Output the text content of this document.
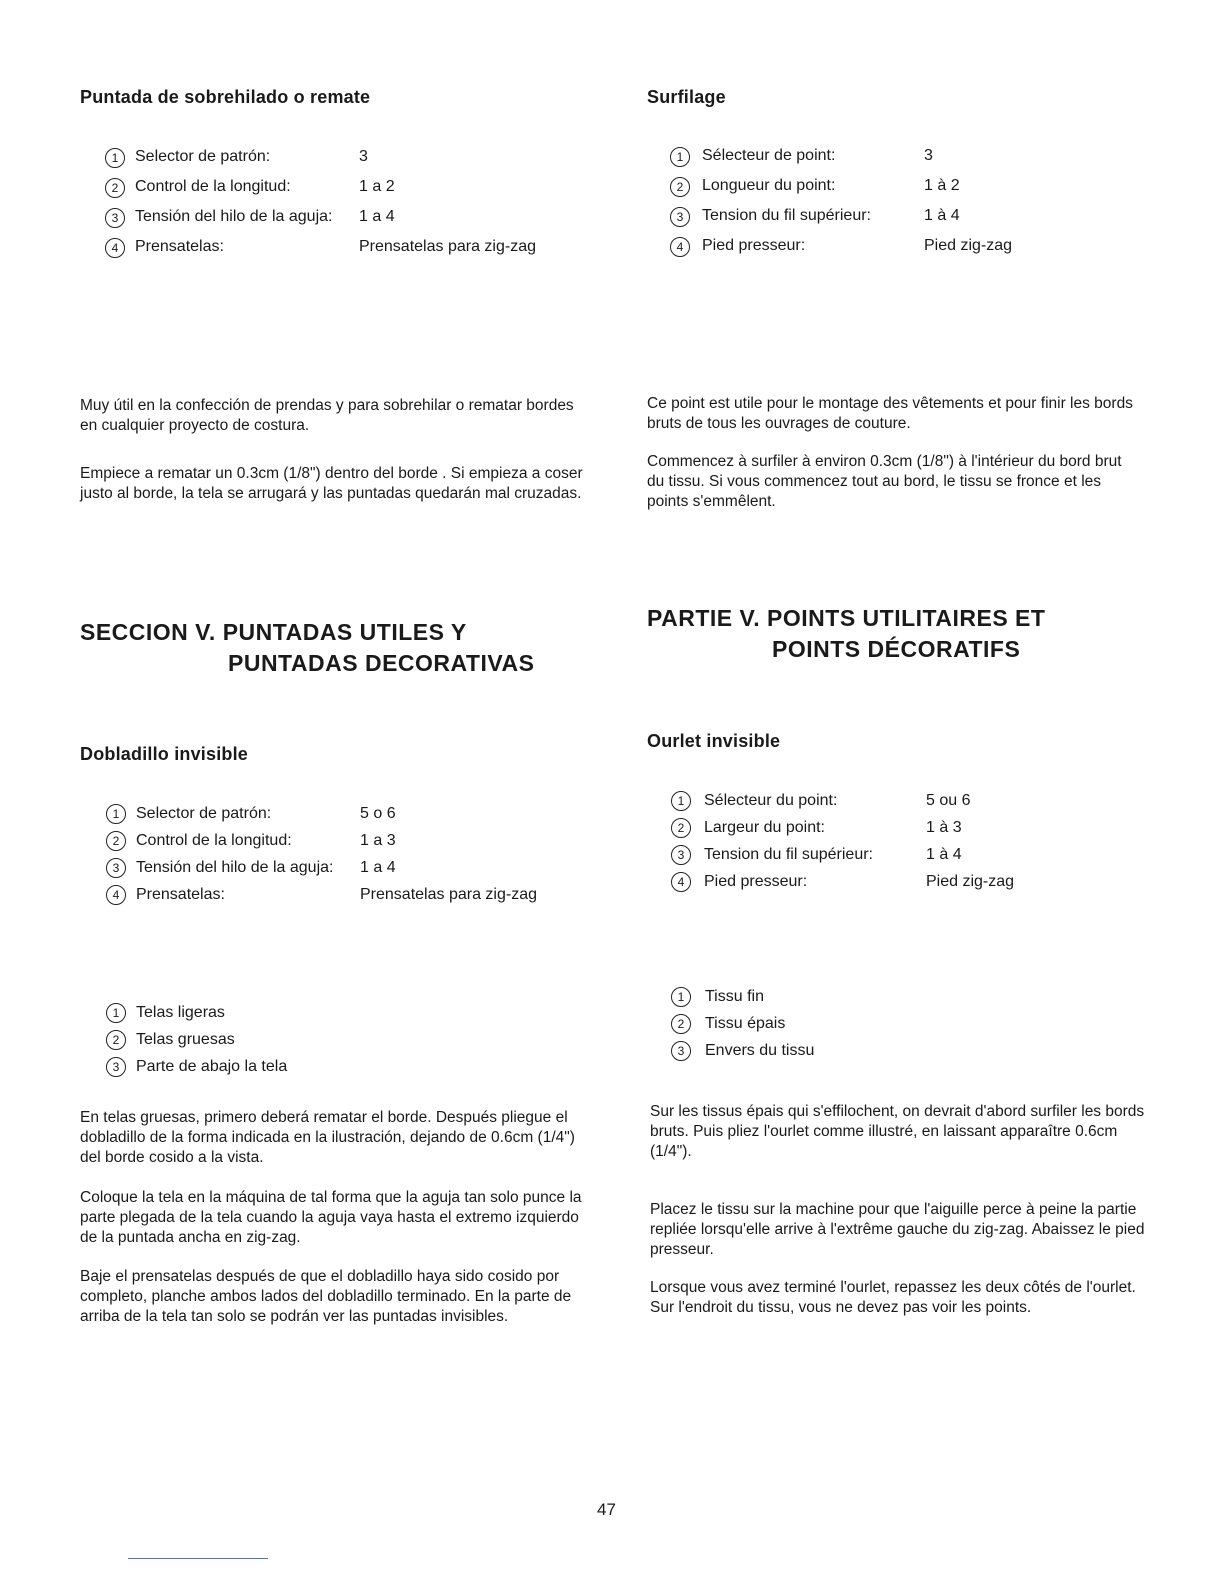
Puntada de sobrehilado o remate
1	Selector de patrón:	3
2	Control de la longitud:	1 a 2
3	Tensión del hilo de la aguja: 1 a 4
4	Prensatelas:	Prensatelas para zig-zag

Muy útil en la confección de prendas y para sobrehilar o rematar bordes en cualquier proyecto de costura.

Empiece a rematar un 0.3cm (1/8") dentro del borde . Si empieza a coser justo al borde, la tela se arrugará y las puntadas quedarán mal cruzadas.

SECCION V. PUNTADAS UTILES Y
PUNTADAS DECORATIVAS
Dobladillo invisible
1	Selector de patrón:	5 o 6
2	Control de la longitud:	1 a 3
3	Tensión del hilo de la aguja: 1 a 4
4	Prensatelas:	Prensatelas para zig-zag
1	Telas ligeras
2	Telas gruesas
3	Parte de abajo la tela

En telas gruesas, primero deberá rematar el borde. Después pliegue el dobladillo de la forma indicada en la ilustración, dejando de 0.6cm (1/4") del borde cosido a la vista.

Coloque la tela en la máquina de tal forma que la aguja tan solo punce la parte plegada de la tela cuando la aguja vaya hasta el extremo izquierdo de la puntada ancha en zig-zag.

Baje el prensatelas después de que el dobladillo haya sido cosido por completo, planche ambos lados del dobladillo terminado. En la parte de arriba de la tela tan solo se podrán ver las puntadas invisibles.

Surfilage
1	Sélecteur de point:	3
2	Longueur du point:	1 à 2
3	Tension du fil supérieur:	1 à 4
4	Pied presseur:	Pied zig-zag

Ce point est utile pour le montage des vêtements et pour finir les bords bruts de tous les ouvrages de couture.

Commencez à surfiler à environ 0.3cm (1/8") à l'intérieur du bord brut du tissu. Si vous commencez tout au bord, le tissu se fronce et les points s'emmêlent.

PARTIE V. POINTS UTILITAIRES ET
POINTS DÉCORATIFS
Ourlet invisible
1	Sélecteur du point:	5 ou 6
2	Largeur du point:	1 à 3
3	Tension du fil supérieur:	1 à 4
4	Pied presseur:	Pied zig-zag
1	Tissu fin
2	Tissu épais
3	Envers du tissu

Sur les tissus épais qui s'effilochent, on devrait d'abord surfiler les bords bruts. Puis pliez l'ourlet comme illustré, en laissant apparaître 0.6cm (1/4").

Placez le tissu sur la machine pour que l'aiguille perce à peine la partie repliée lorsqu'elle arrive à l'extrême gauche du zig-zag. Abaissez le pied presseur.

Lorsque vous avez terminé l'ourlet, repassez les deux côtés de l'ourlet. Sur l'endroit du tissu, vous ne devez pas voir les points.

47
